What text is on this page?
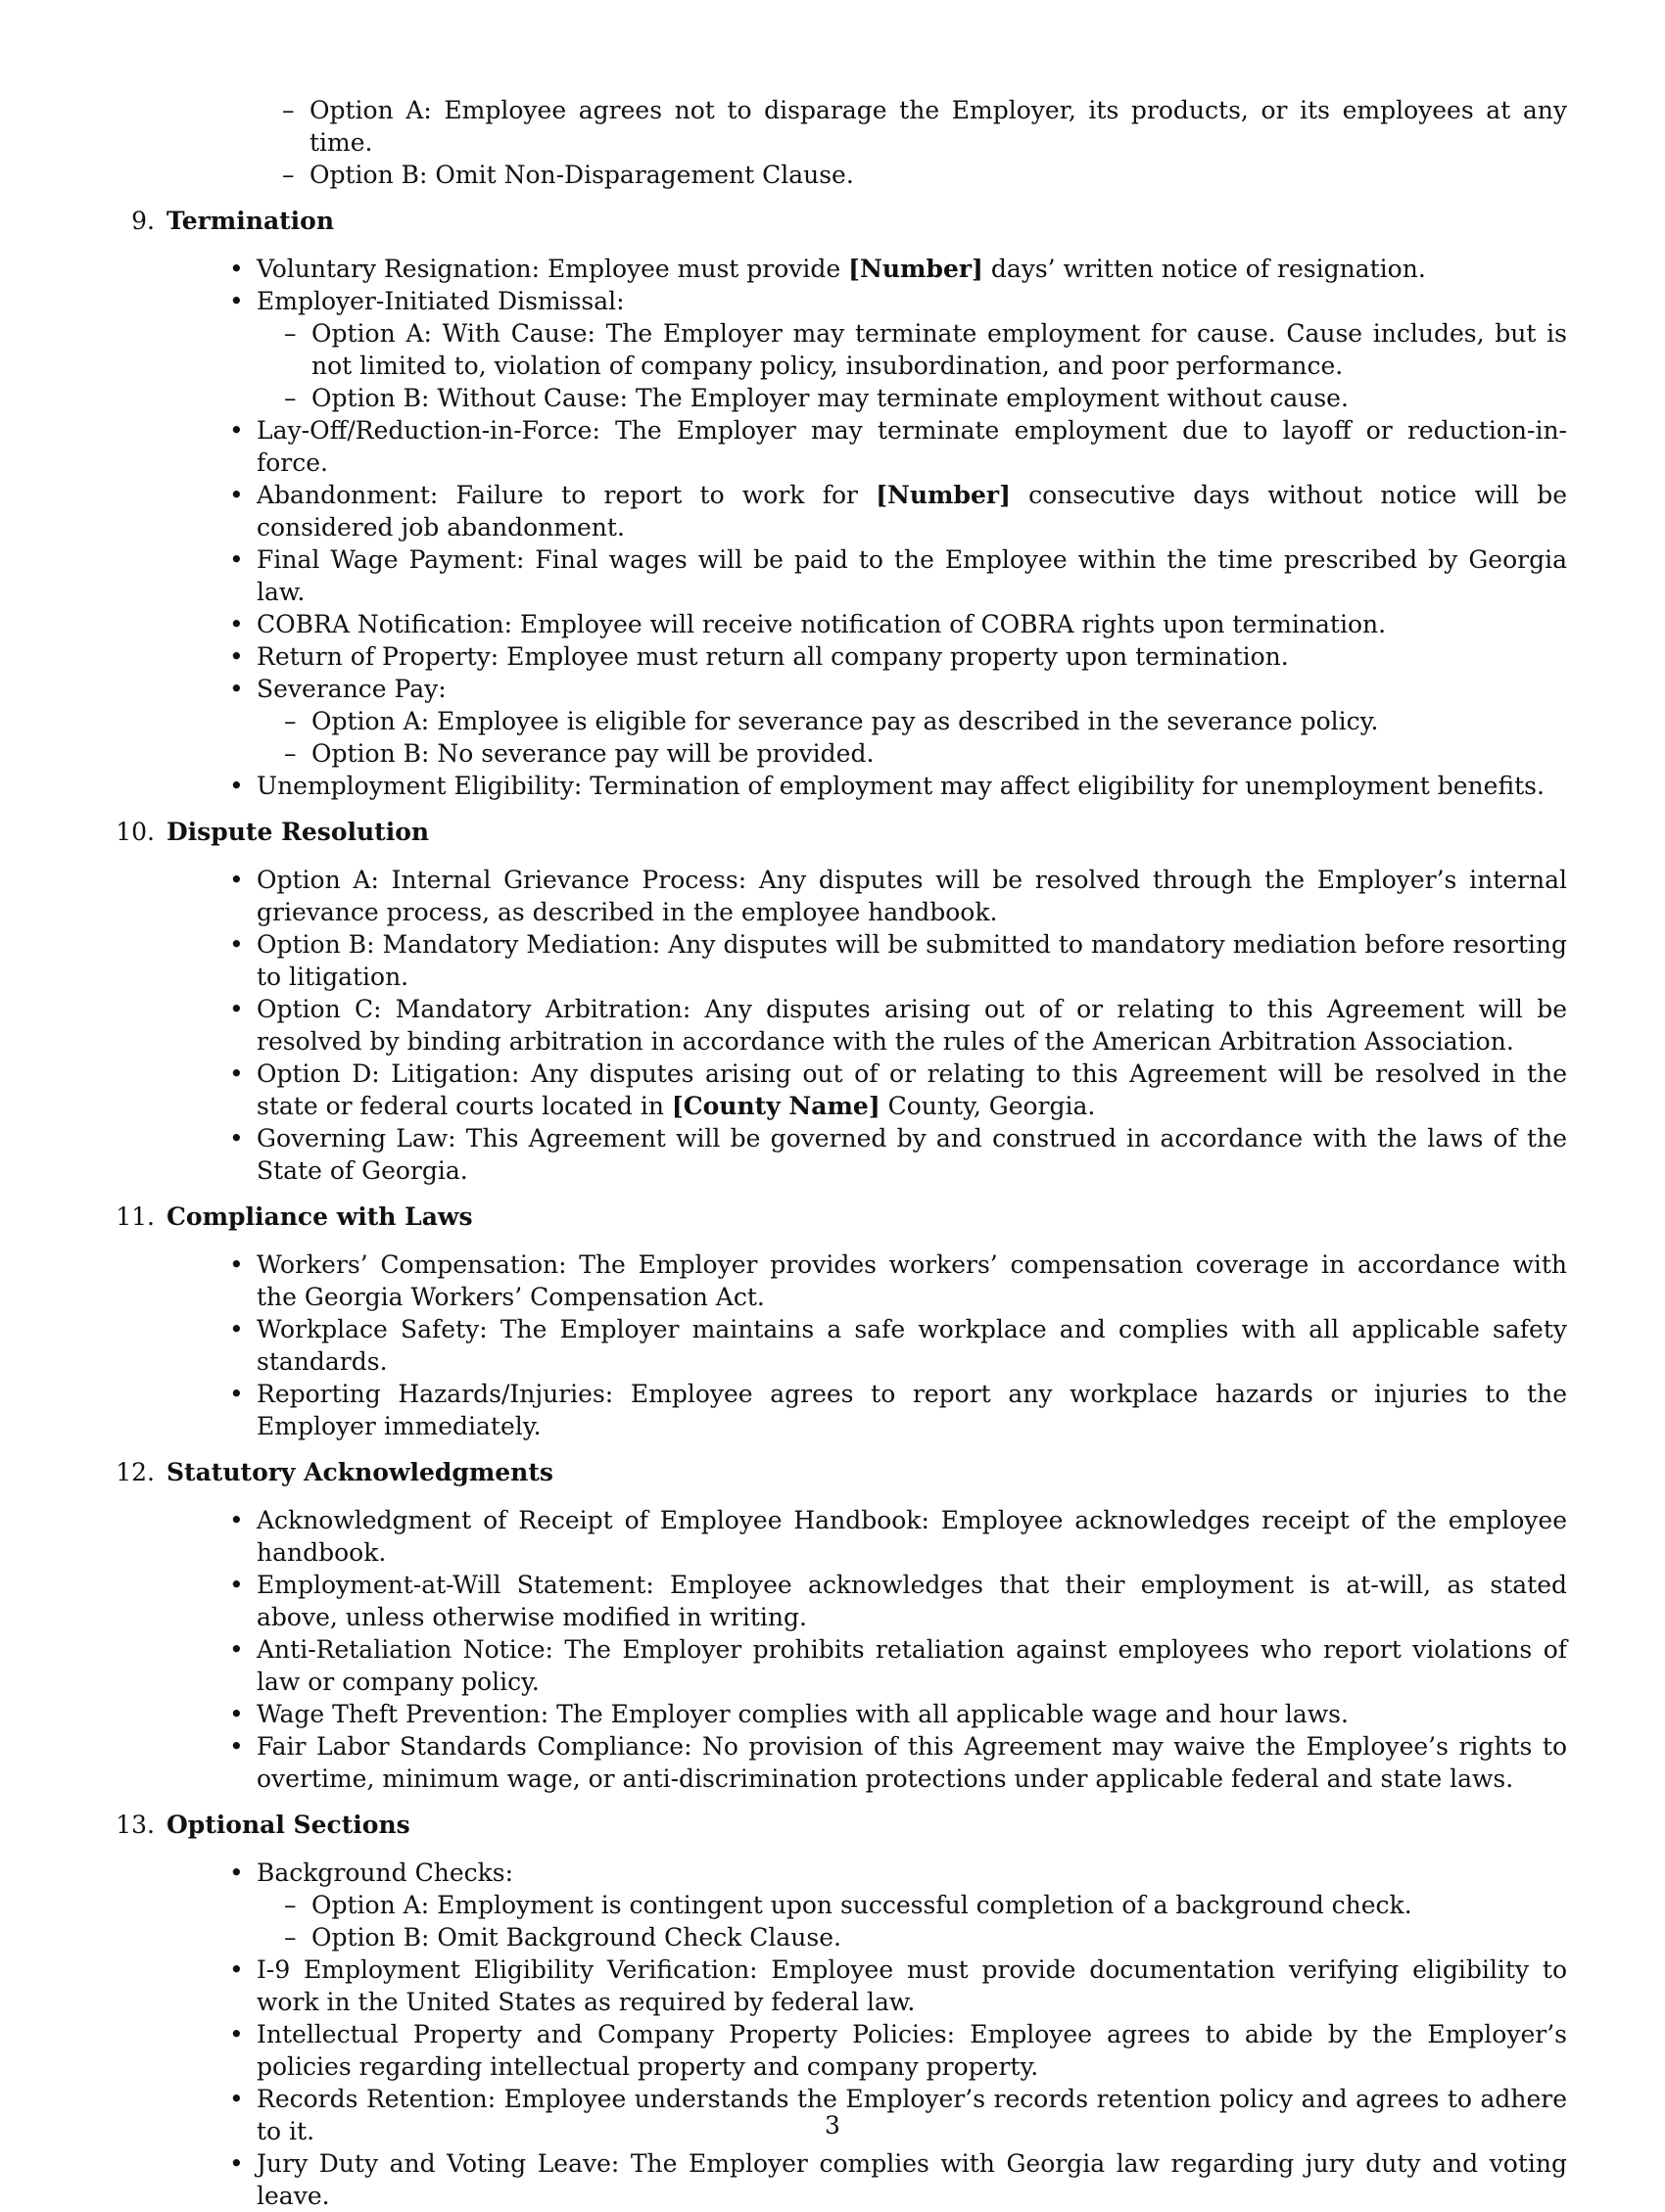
– Option A: Employee agrees not to disparage the Employer, its products, or its employees at any time.
– Option B: Omit Non-Disparagement Clause.
9. Termination
• Voluntary Resignation: Employee must provide [Number] days’ written notice of resignation.
• Employer-Initiated Dismissal:
– Option A: With Cause: The Employer may terminate employment for cause. Cause includes, but is not limited to, violation of company policy, insubordination, and poor performance.
– Option B: Without Cause: The Employer may terminate employment without cause.
• Lay-Off/Reduction-in-Force: The Employer may terminate employment due to layoff or reduction-in-force.
• Abandonment: Failure to report to work for [Number] consecutive days without notice will be considered job abandonment.
• Final Wage Payment: Final wages will be paid to the Employee within the time prescribed by Georgia law.
• COBRA Notification: Employee will receive notification of COBRA rights upon termination.
• Return of Property: Employee must return all company property upon termination.
• Severance Pay:
– Option A: Employee is eligible for severance pay as described in the severance policy.
– Option B: No severance pay will be provided.
• Unemployment Eligibility: Termination of employment may affect eligibility for unemployment benefits.
10. Dispute Resolution
• Option A: Internal Grievance Process: Any disputes will be resolved through the Employer’s internal grievance process, as described in the employee handbook.
• Option B: Mandatory Mediation: Any disputes will be submitted to mandatory mediation before resorting to litigation.
• Option C: Mandatory Arbitration: Any disputes arising out of or relating to this Agreement will be resolved by binding arbitration in accordance with the rules of the American Arbitration Association.
• Option D: Litigation: Any disputes arising out of or relating to this Agreement will be resolved in the state or federal courts located in [County Name] County, Georgia.
• Governing Law: This Agreement will be governed by and construed in accordance with the laws of the State of Georgia.
11. Compliance with Laws
• Workers’ Compensation: The Employer provides workers’ compensation coverage in accordance with the Georgia Workers’ Compensation Act.
• Workplace Safety: The Employer maintains a safe workplace and complies with all applicable safety standards.
• Reporting Hazards/Injuries: Employee agrees to report any workplace hazards or injuries to the Employer immediately.
12. Statutory Acknowledgments
• Acknowledgment of Receipt of Employee Handbook: Employee acknowledges receipt of the employee handbook.
• Employment-at-Will Statement: Employee acknowledges that their employment is at-will, as stated above, unless otherwise modified in writing.
• Anti-Retaliation Notice: The Employer prohibits retaliation against employees who report violations of law or company policy.
• Wage Theft Prevention: The Employer complies with all applicable wage and hour laws.
• Fair Labor Standards Compliance: No provision of this Agreement may waive the Employee’s rights to overtime, minimum wage, or anti-discrimination protections under applicable federal and state laws.
13. Optional Sections
• Background Checks:
– Option A: Employment is contingent upon successful completion of a background check.
– Option B: Omit Background Check Clause.
• I-9 Employment Eligibility Verification: Employee must provide documentation verifying eligibility to work in the United States as required by federal law.
• Intellectual Property and Company Property Policies: Employee agrees to abide by the Employer’s policies regarding intellectual property and company property.
• Records Retention: Employee understands the Employer’s records retention policy and agrees to adhere to it.
• Jury Duty and Voting Leave: The Employer complies with Georgia law regarding jury duty and voting leave.
3
